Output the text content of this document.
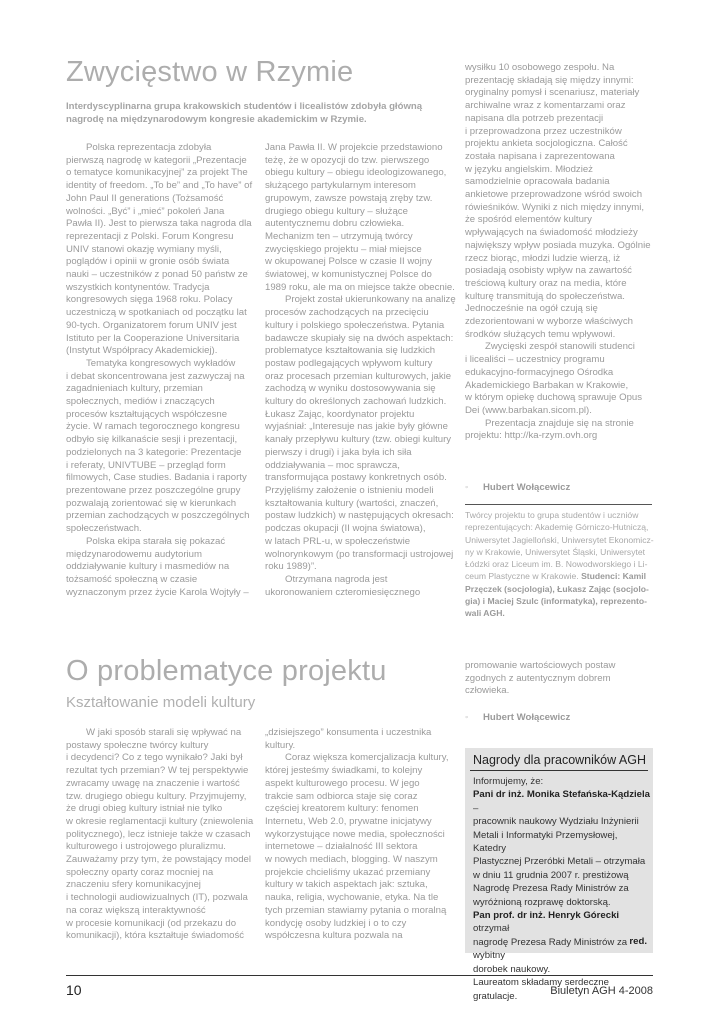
Zwycięstwo w Rzymie
Interdyscyplinarna grupa krakowskich studentów i licealistów zdobyła główną
nagrodę na międzynarodowym kongresie akademickim w Rzymie.

Polska reprezentacja zdobyła
pierwszą nagrodę w kategorii „Prezentacje
o tematyce komunikacyjnej” za projekt The
identity of freedom. „To be” and „To have” of
John Paul II generations (Tożsamość
wolności. „Być” i „mieć” pokoleń Jana
Pawła II). Jest to pierwsza taka nagroda dla
reprezentacji z Polski. Forum Kongresu
UNIV stanowi okazję wymiany myśli,
poglądów i opinii w gronie osób świata
nauki – uczestników z ponad 50 państw ze
wszystkich kontynentów. Tradycja
kongresowych sięga 1968 roku. Polacy
uczestniczą w spotkaniach od początku lat
90-tych. Organizatorem forum UNIV jest
Istituto per la Cooperazione Universitaria
(Instytut Współpracy Akademickiej).

Tematyka kongresowych wykładów
i debat skoncentrowana jest zazwyczaj na
zagadnieniach kultury, przemian
społecznych, mediów i znaczących
procesów kształtujących współczesne
życie. W ramach tegorocznego kongresu
odbyło się kilkanaście sesji i prezentacji,
podzielonych na 3 kategorie: Prezentacje
i referaty, UNIVTUBE – przegląd form
filmowych, Case studies. Badania i raporty
prezentowane przez poszczególne grupy
pozwalają zorientować się w kierunkach
przemian zachodzących w poszczególnych
społeczeństwach.

Polska ekipa starała się pokazać
międzynarodowemu audytorium
oddziaływanie kultury i masmediów na
tożsamość społeczną w czasie
wyznaczonym przez życie Karola Wojtyły –

Jana Pawła II. W projekcie przedstawiono
teżę, że w opozycji do tzw. pierwszego
obiegu kultury – obiegu ideologizowanego,
służącego partykularnym interesom
grupowym, zawsze powstają zręby tzw.
drugiego obiegu kultury – służące
autentycznemu dobru człowieka.
Mechanizm ten – utrzymują twórcy
zwycięskiego projektu – miał miejsce
w okupowanej Polsce w czasie II wojny
światowej, w komunistycznej Polsce do
1989 roku, ale ma on miejsce także obecnie.

Projekt został ukierunkowany na analizę
procesów zachodzących na przecięciu
kultury i polskiego społeczeństwa. Pytania
badawcze skupiały się na dwóch aspektach:
problematyce kształtowania się ludzkich
postaw podlegających wpływom kultury
oraz procesach przemian kulturowych, jakie
zachodzą w wyniku dostosowywania się
kultury do określonych zachowań ludzkich.
Łukasz Zając, koordynator projektu
wyjaśniał: „Interesuje nas jakie były główne
kanały przepływu kultury (tzw. obiegi kultury
pierwszy i drugi) i jaka była ich siła
oddziaływania – moc sprawcza,
transformująca postawy konkretnych osób.
Przyjęliśmy założenie o istnieniu modeli
kształtowania kultury (wartości, znaczeń,
postaw ludzkich) w następujących okresach:
podczas okupacji (II wojna światowa),
w latach PRL-u, w społeczeństwie
wolnorynkowym (po transformacji ustrojowej
roku 1989)”.

Otrzymana nagroda jest
ukoronowaniem czteromiesięcznego

wysiłku 10 osobowego zespołu. Na
prezentację składają się między innymi:
oryginalny pomysł i scenariusz, materiały
archiwalne wraz z komentarzami oraz
napisana dla potrzeb prezentacji
i przeprowadzona przez uczestników
projektu ankieta socjologiczna. Całość
została napisana i zaprezentowana
w języku angielskim. Młodzież
samodzielnie opracowała badania
ankietowe przeprowadzone wśród swoich
rówieśników. Wyniki z nich między innymi,
że spośród elementów kultury
wpływających na świadomość młodzieży
największy wpływ posiada muzyka. Ogólnie
rzecz biorąc, młodzi ludzie wierzą, iż
posiadają osobisty wpływ na zawartość
treściową kultury oraz na media, które
kulturę transmitują do społeczeństwa.
Jednocześnie na ogół czują się
zdezorientowani w wyborze właściwych
środków służących temu wpływowi.

Zwycięski zespół stanowili studenci
i licealiści – uczestnicy programu
edukacyjno-formacyjnego Ośrodka
Akademickiego Barbakan w Krakowie,
w którym opiekę duchową sprawuje Opus
Dei (www.barbakan.sicom.pl).

Prezentacja znajduje się na stronie
projektu: http://ka-rzym.ovh.org

◦ Hubert Wołącewicz
Twórcy projektu to grupa studentów i uczniów
reprezentujących: Akademię Górniczo-Hutniczą,
Uniwersytet Jagielloński, Uniwersytet Ekonomicz-
ny w Krakowie, Uniwersytet Śląski, Uniwersytet
Łódzki oraz Liceum im. B. Nowodworskiego i Li-
ceum Plastyczne w Krakowie. Studenci: Kamil
Przęczek (socjologia), Łukasz Zając (socjolo-
gia) i Maciej Szulc (informatyka), reprezento-
wali AGH.
O problematyce projektu
Kształtowanie modeli kultury

W jaki sposób starali się wpływać na
postawy społeczne twórcy kultury
i decydenci? Co z tego wynikało? Jaki był
rezultat tych przemian? W tej perspektywie
zwracamy uwagę na znaczenie i wartość
tzw. drugiego obiegu kultury. Przyjmujemy,
że drugi obieg kultury istniał nie tylko
w okresie reglamentacji kultury (zniewolenia
politycznego), lecz istnieje także w czasach
kulturowego i ustrojowego pluralizmu.
Zauważamy przy tym, że powstający model
społeczny oparty coraz mocniej na
znaczeniu sfery komunikacyjnej
i technologii audiowizualnych (IT), pozwala
na coraz większą interaktywność
w procesie komunikacji (od przekazu do
komunikacji), która kształtuje świadomość

„dzisiejszego” konsumenta i uczestnika
kultury.

Coraz większa komercjalizacja kultury,
której jesteśmy świadkami, to kolejny
aspekt kulturowego procesu. W jego
trakcie sam odbiorca staje się coraz
częściej kreatorem kultury: fenomen
Internetu, Web 2.0, prywatne inicjatywy
wykorzystujące nowe media, społeczności
internetowe – działalność III sektora
w nowych mediach, blogging. W naszym
projekcie chcieliśmy ukazać przemiany
kultury w takich aspektach jak: sztuka,
nauka, religia, wychowanie, etyka. Na tle
tych przemian stawiamy pytania o moralną
kondycję osoby ludzkiej i o to czy
współczesna kultura pozwala na

promowanie wartościowych postaw
zgodnych z autentycznym dobrem
człowieka.

◦ Hubert Wołącewicz
Nagrody dla pracowników AGH
Informujemy, że:
Pani dr inż. Monika Stefańska-Kądziela –
pracownik naukowy Wydziału Inżynierii
Metali i Informatyki Przemysłowej, Katedry
Plastycznej Przeróbki Metali – otrzymała
w dniu 11 grudnia 2007 r. prestiżową
Nagrodę Prezesa Rady Ministrów za
wyróżnioną rozprawę doktorską.
Pan prof. dr inż. Henryk Górecki otrzymał
nagrodę Prezesa Rady Ministrów za wybitny
dorobek naukowy.
Laureatom składamy serdeczne gratulacje.
red.
10	Biuletyn AGH 4-2008
